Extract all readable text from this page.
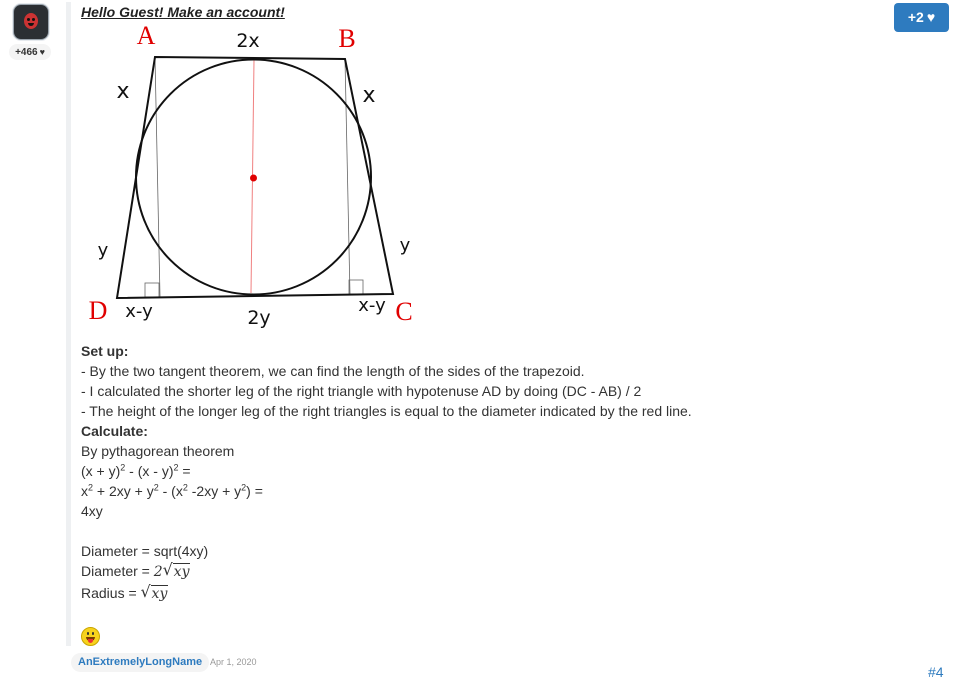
+466 ♥
Hello Guest! Make an account!	+2 ♥
A	B
C
D
2x
2y
x	x
y	y
x-y	x-y
Set up:
- By the two tangent theorem, we can find the length of the sides of the trapezoid.
- I calculated the shorter leg of the right triangle with hypotenuse AD by doing (DC - AB) / 2
- The height of the longer leg of the right triangles is equal to the diameter indicated by the red line.
Calculate:
By pythagorean theorem
$(x + y)^2 - (x - y)^2$ =
$x^2 + 2xy + y^2 - (x^2$ $-2xy + y^2$) =
4xy
Diameter = sqrt(4xy)
Diameter = 2 √ xy
Radius = √ xy
AnExtremelyLongName Apr 1, 2020
#4
